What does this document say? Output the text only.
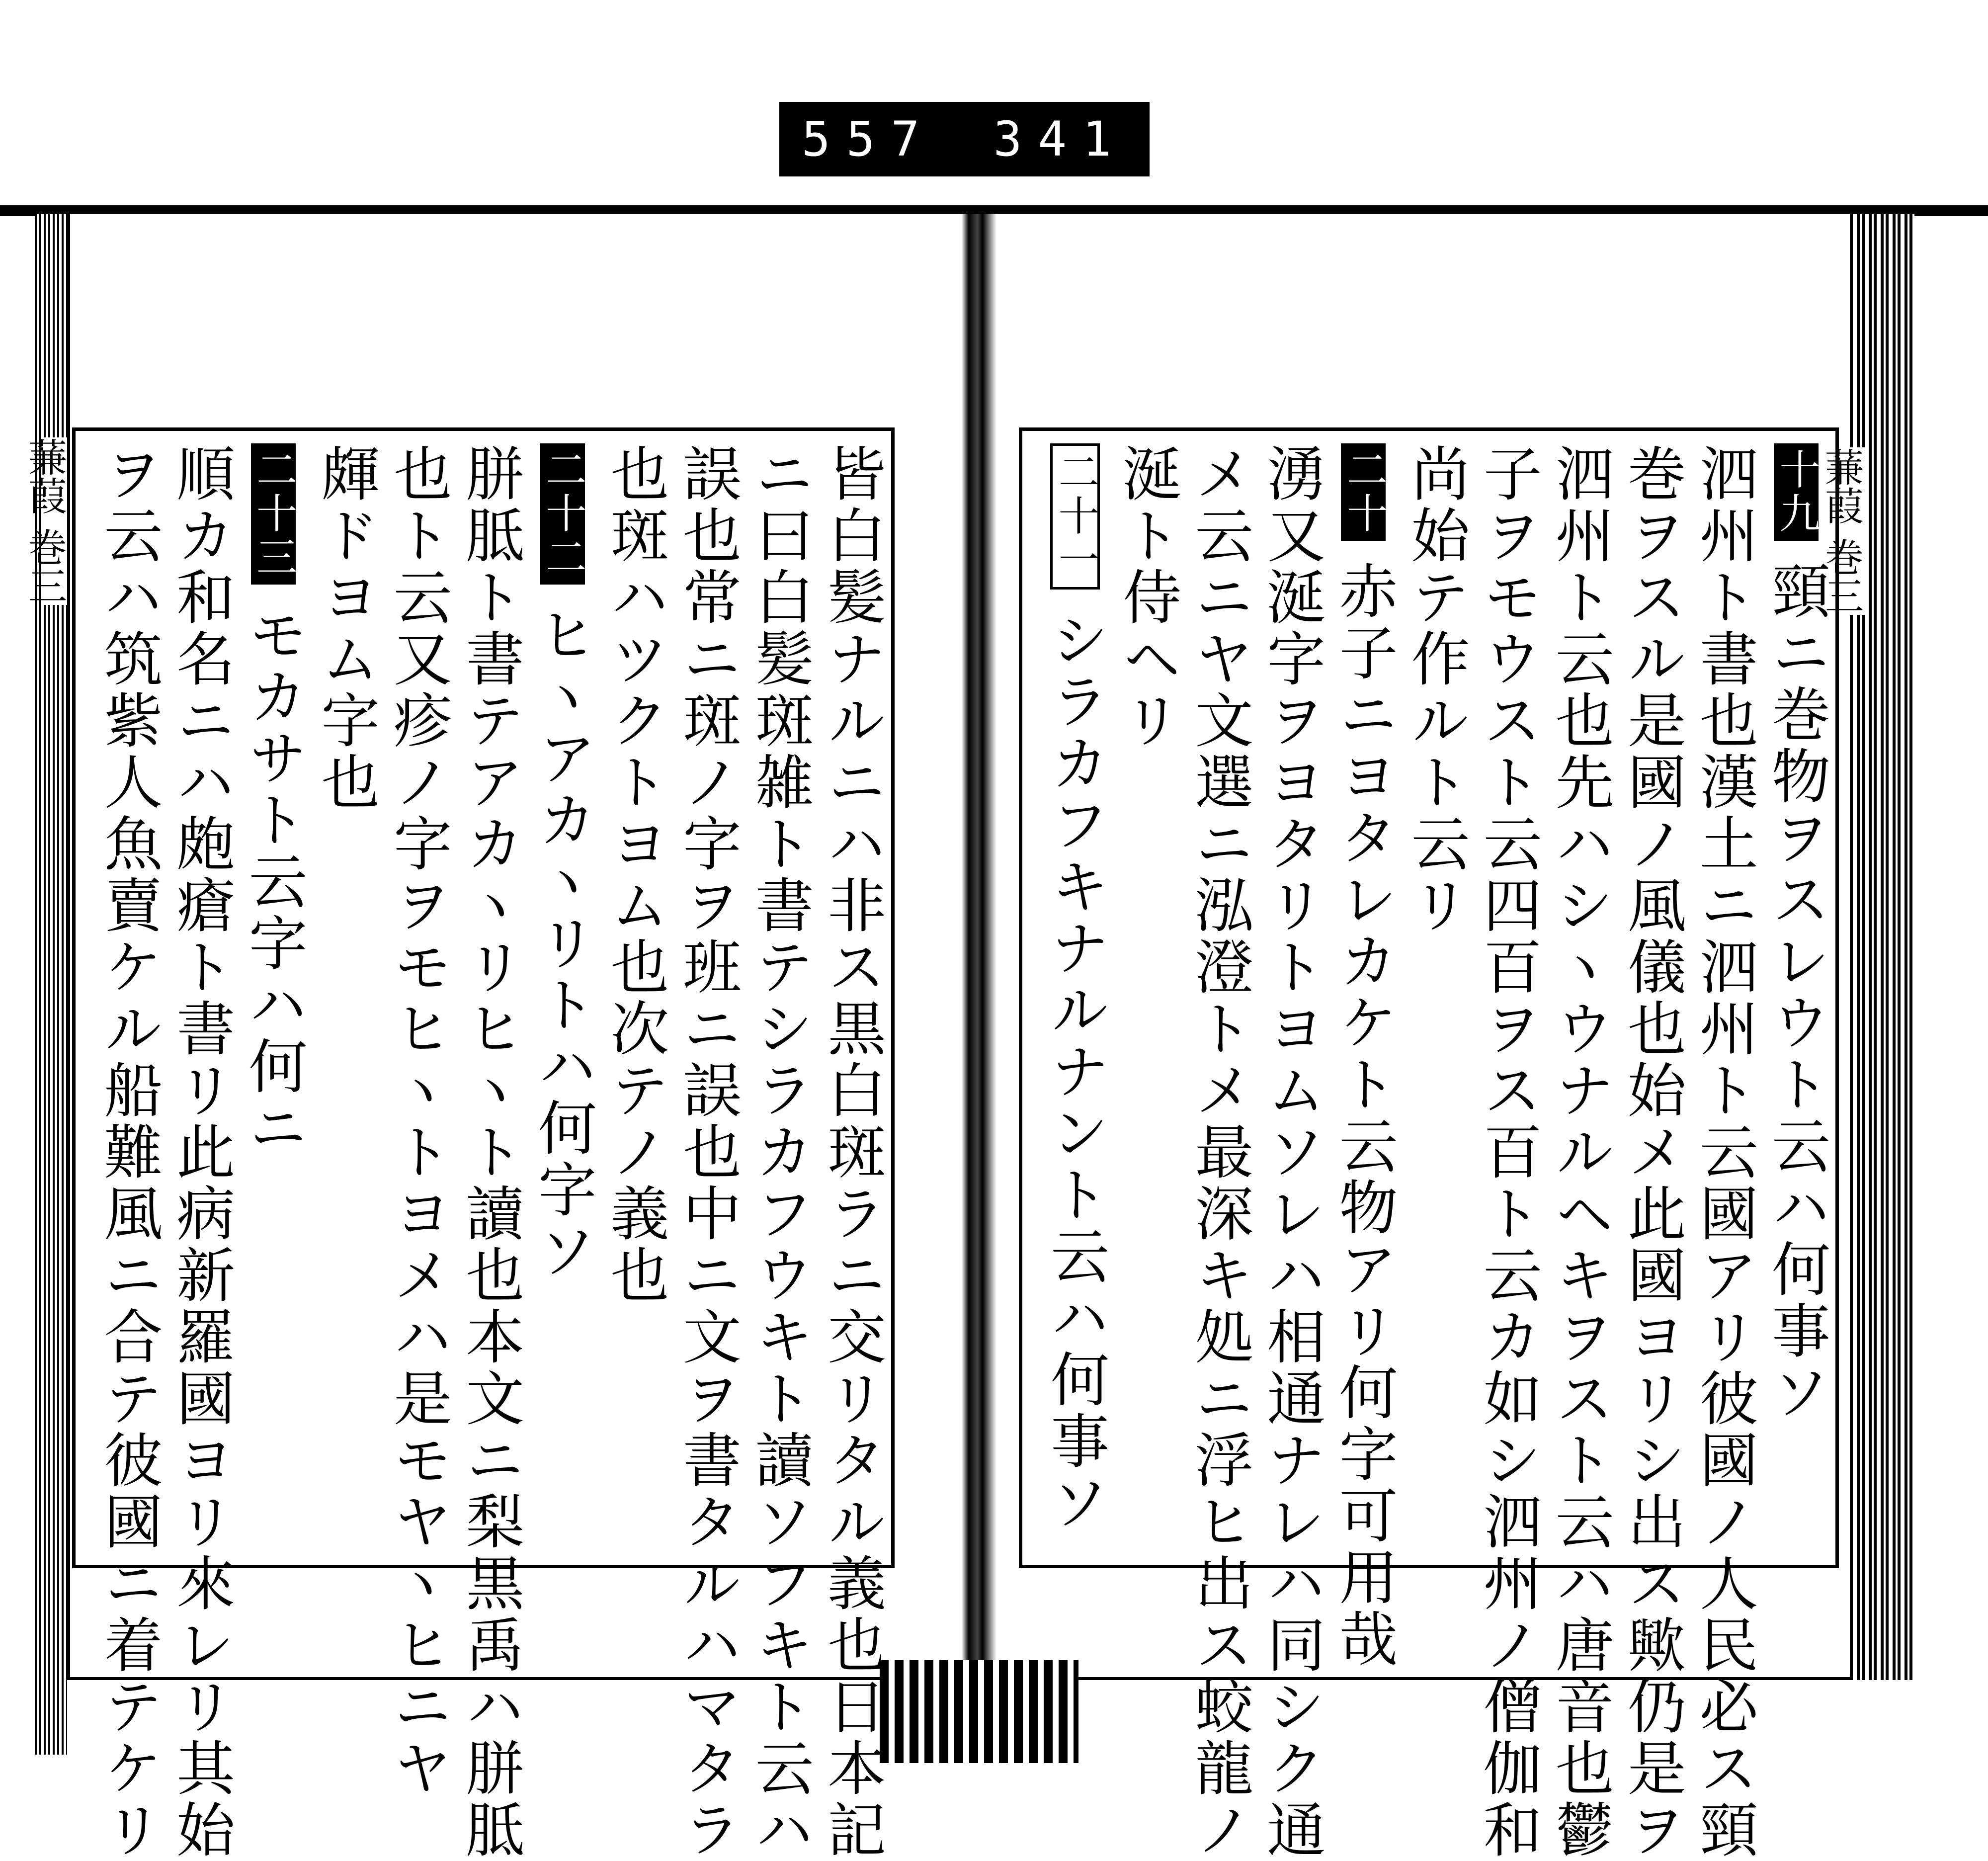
蒹葭 巻三	蒹葭 巻三
557 341
十九頸ニ巻物ヲスレウト云ハ何事ソ
泗州ト書也漢土ニ泗州ト云國アリ彼國ノ人民必ス頸
巻ヲスル是國ノ風儀也始メ此國ヨリシ出ス歟仍是ヲ
泗州ト云也先ハシヽウナルヘキヲスト云ハ唐音也鬱
子ヲモウスト云四百ヲス百ト云カ如シ泗州ノ僧伽和
尚始テ作ルト云リ
二十赤子ニヨタレカケト云物アリ何字可用哉
湧又涎字ヲヨタリトヨムソレハ相通ナレハ同シク通
メ云ニヤ文選ニ泓澄トメ最深キ処ニ浮ヒ出ス蛟龍ノ
涎ト侍ヘリ
二十一シラカフキナルナント云ハ何事ソ
皆白髪ナルニハ非ス黒白斑ラニ交リタル義也日本記
ニ曰白髪斑雑ト書テシラカフウキト讀ソフキト云ハ
誤也常ニ斑ノ字ヲ班ニ誤也中ニ文ヲ書タルハマタラ
也斑ハツクトヨム也次テノ義也
二十二ヒヽアカヽリトハ何字ソ
胼胝ト書テアカヽリヒヽト讀也本文ニ梨黒禹ハ胼胝
也ト云又疹ノ字ヲモヒヽトヨメハ是モヤヽヒニヤ
皹ドヨム字也
二十三モカサト云字ハ何ニ
順カ和名ニハ皰瘡ト書リ此病新羅國ヨリ來レリ其始
ヲ云ハ筑紫人魚賣ケル船難風ニ合テ彼國ニ着テケリ
